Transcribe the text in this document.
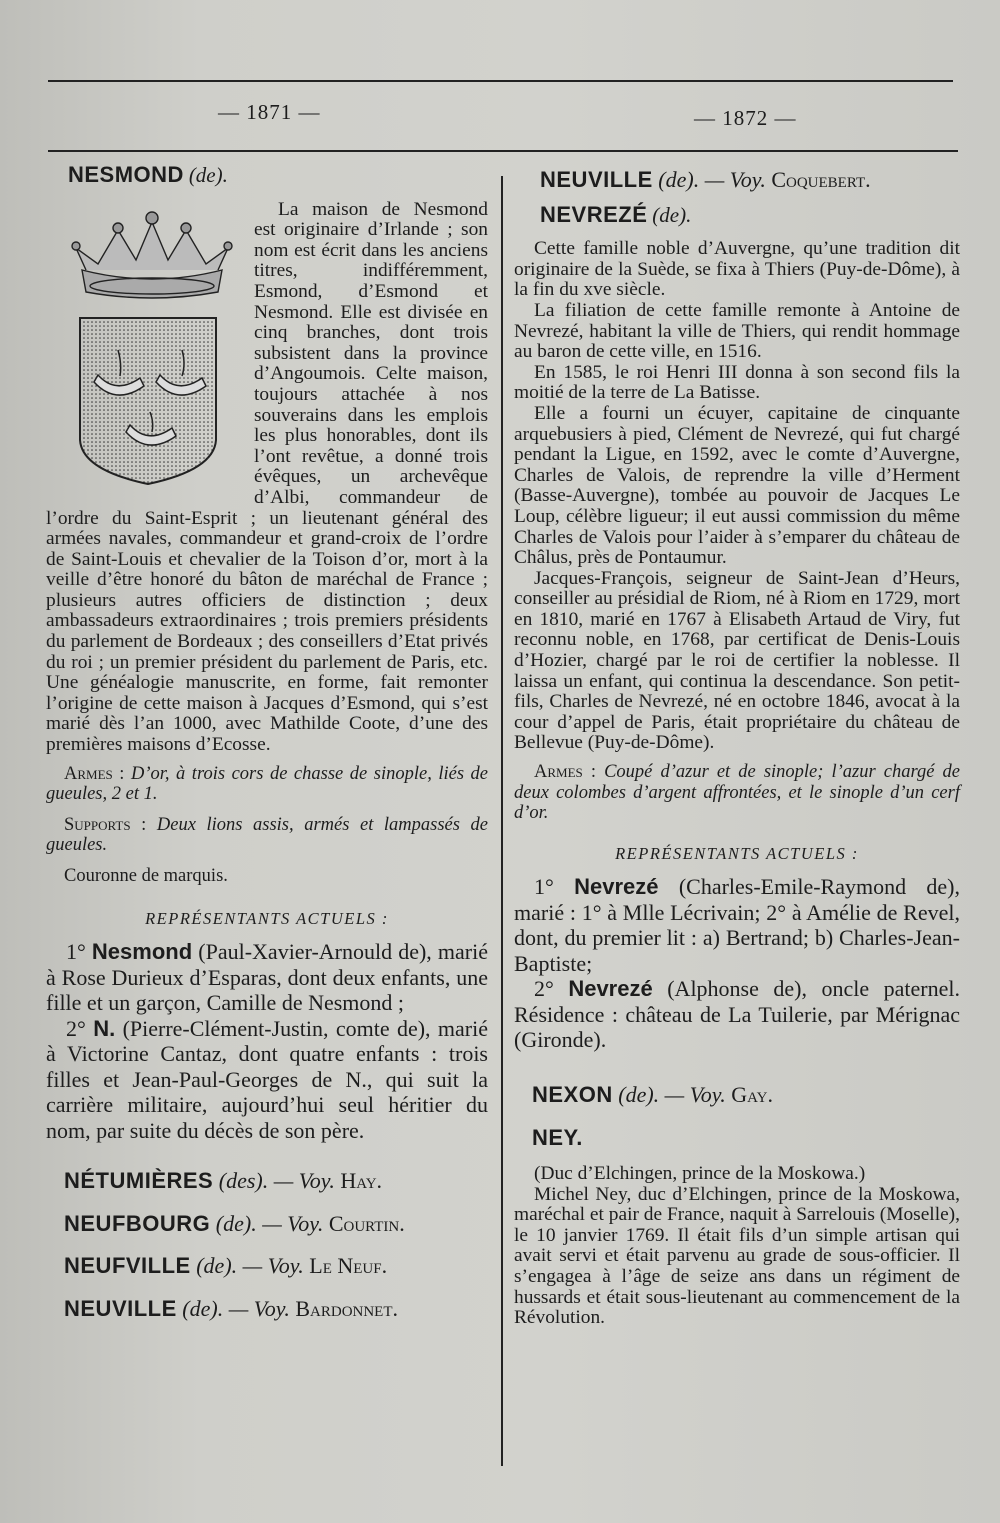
— 1871 —	— 1872 —

NESMOND (de).

La maison de Nesmond est originaire d’Irlande ; son nom est écrit dans les anciens titres, indifféremment, Esmond, d’Esmond et Nesmond. Elle est divisée en cinq branches, dont trois subsistent dans la province d’Angoumois. Celte maison, toujours attachée à nos souverains dans les emplois les plus honorables, dont ils l’ont revêtue, a donné trois évêques, un archevêque d’Albi, commandeur de l’ordre du Saint-Esprit ; un lieutenant général des armées navales, commandeur et grand-croix de l’ordre de Saint-Louis et chevalier de la Toison d’or, mort à la veille d’être honoré du bâton de maréchal de France ; plusieurs autres officiers de distinction ; deux ambassadeurs extraordinaires ; trois premiers présidents du parlement de Bordeaux ; des conseillers d’Etat privés du roi ; un premier président du parlement de Paris, etc. Une généalogie manuscrite, en forme, fait remonter l’origine de cette maison à Jacques d’Esmond, qui s’est marié dès l’an 1000, avec Mathilde Coote, d’une des premières maisons d’Ecosse.

Armes : D’or, à trois cors de chasse de sinople, liés de gueules, 2 et 1.

Supports : Deux lions assis, armés et lampassés de gueules.

Couronne de marquis.

REPRÉSENTANTS ACTUELS :

1° Nesmond (Paul-Xavier-Arnould de), marié à Rose Durieux d’Esparas, dont deux enfants, une fille et un garçon, Camille de Nesmond ;

2° N. (Pierre-Clément-Justin, comte de), marié à Victorine Cantaz, dont quatre enfants : trois filles et Jean-Paul-Georges de N., qui suit la carrière militaire, aujourd’hui seul héritier du nom, par suite du décès de son père.

NÉTUMIÈRES (des). — Voy. Hay.

NEUFBOURG (de). — Voy. Courtin.

NEUFVILLE (de). — Voy. Le Neuf.

NEUVILLE (de). — Voy. Bardonnet.

NEUVILLE (de). — Voy. Coquebert.

NEVREZÉ (de).

Cette famille noble d’Auvergne, qu’une tradition dit originaire de la Suède, se fixa à Thiers (Puy-de-Dôme), à la fin du xve siècle.

La filiation de cette famille remonte à Antoine de Nevrezé, habitant la ville de Thiers, qui rendit hommage au baron de cette ville, en 1516.

En 1585, le roi Henri III donna à son second fils la moitié de la terre de La Batisse.

Elle a fourni un écuyer, capitaine de cinquante arquebusiers à pied, Clément de Nevrezé, qui fut chargé pendant la Ligue, en 1592, avec le comte d’Auvergne, Charles de Valois, de reprendre la ville d’Herment (Basse-Auvergne), tombée au pouvoir de Jacques Le Loup, célèbre ligueur; il eut aussi commission du même Charles de Valois pour l’aider à s’emparer du château de Châlus, près de Pontaumur.

Jacques-François, seigneur de Saint-Jean d’Heurs, conseiller au présidial de Riom, né à Riom en 1729, mort en 1810, marié en 1767 à Elisabeth Artaud de Viry, fut reconnu noble, en 1768, par certificat de Denis-Louis d’Hozier, chargé par le roi de certifier la noblesse. Il laissa un enfant, qui continua la descendance. Son petit-fils, Charles de Nevrezé, né en octobre 1846, avocat à la cour d’appel de Paris, était propriétaire du château de Bellevue (Puy-de-Dôme).

Armes : Coupé d’azur et de sinople; l’azur chargé de deux colombes d’argent affrontées, et le sinople d’un cerf d’or.

REPRÉSENTANTS ACTUELS :

1° Nevrezé (Charles-Emile-Raymond de), marié : 1° à Mlle Lécrivain; 2° à Amélie de Revel, dont, du premier lit : a) Bertrand; b) Charles-Jean-Baptiste;

2° Nevrezé (Alphonse de), oncle paternel. Résidence : château de La Tuilerie, par Mérignac (Gironde).

NEXON (de). — Voy. Gay.

NEY.

(Duc d’Elchingen, prince de la Moskowa.)

Michel Ney, duc d’Elchingen, prince de la Moskowa, maréchal et pair de France, naquit à Sarrelouis (Moselle), le 10 janvier 1769. Il était fils d’un simple artisan qui avait servi et était parvenu au grade de sous-officier. Il s’engagea à l’âge de seize ans dans un régiment de hussards et était sous-lieutenant au commencement de la Révolution.
